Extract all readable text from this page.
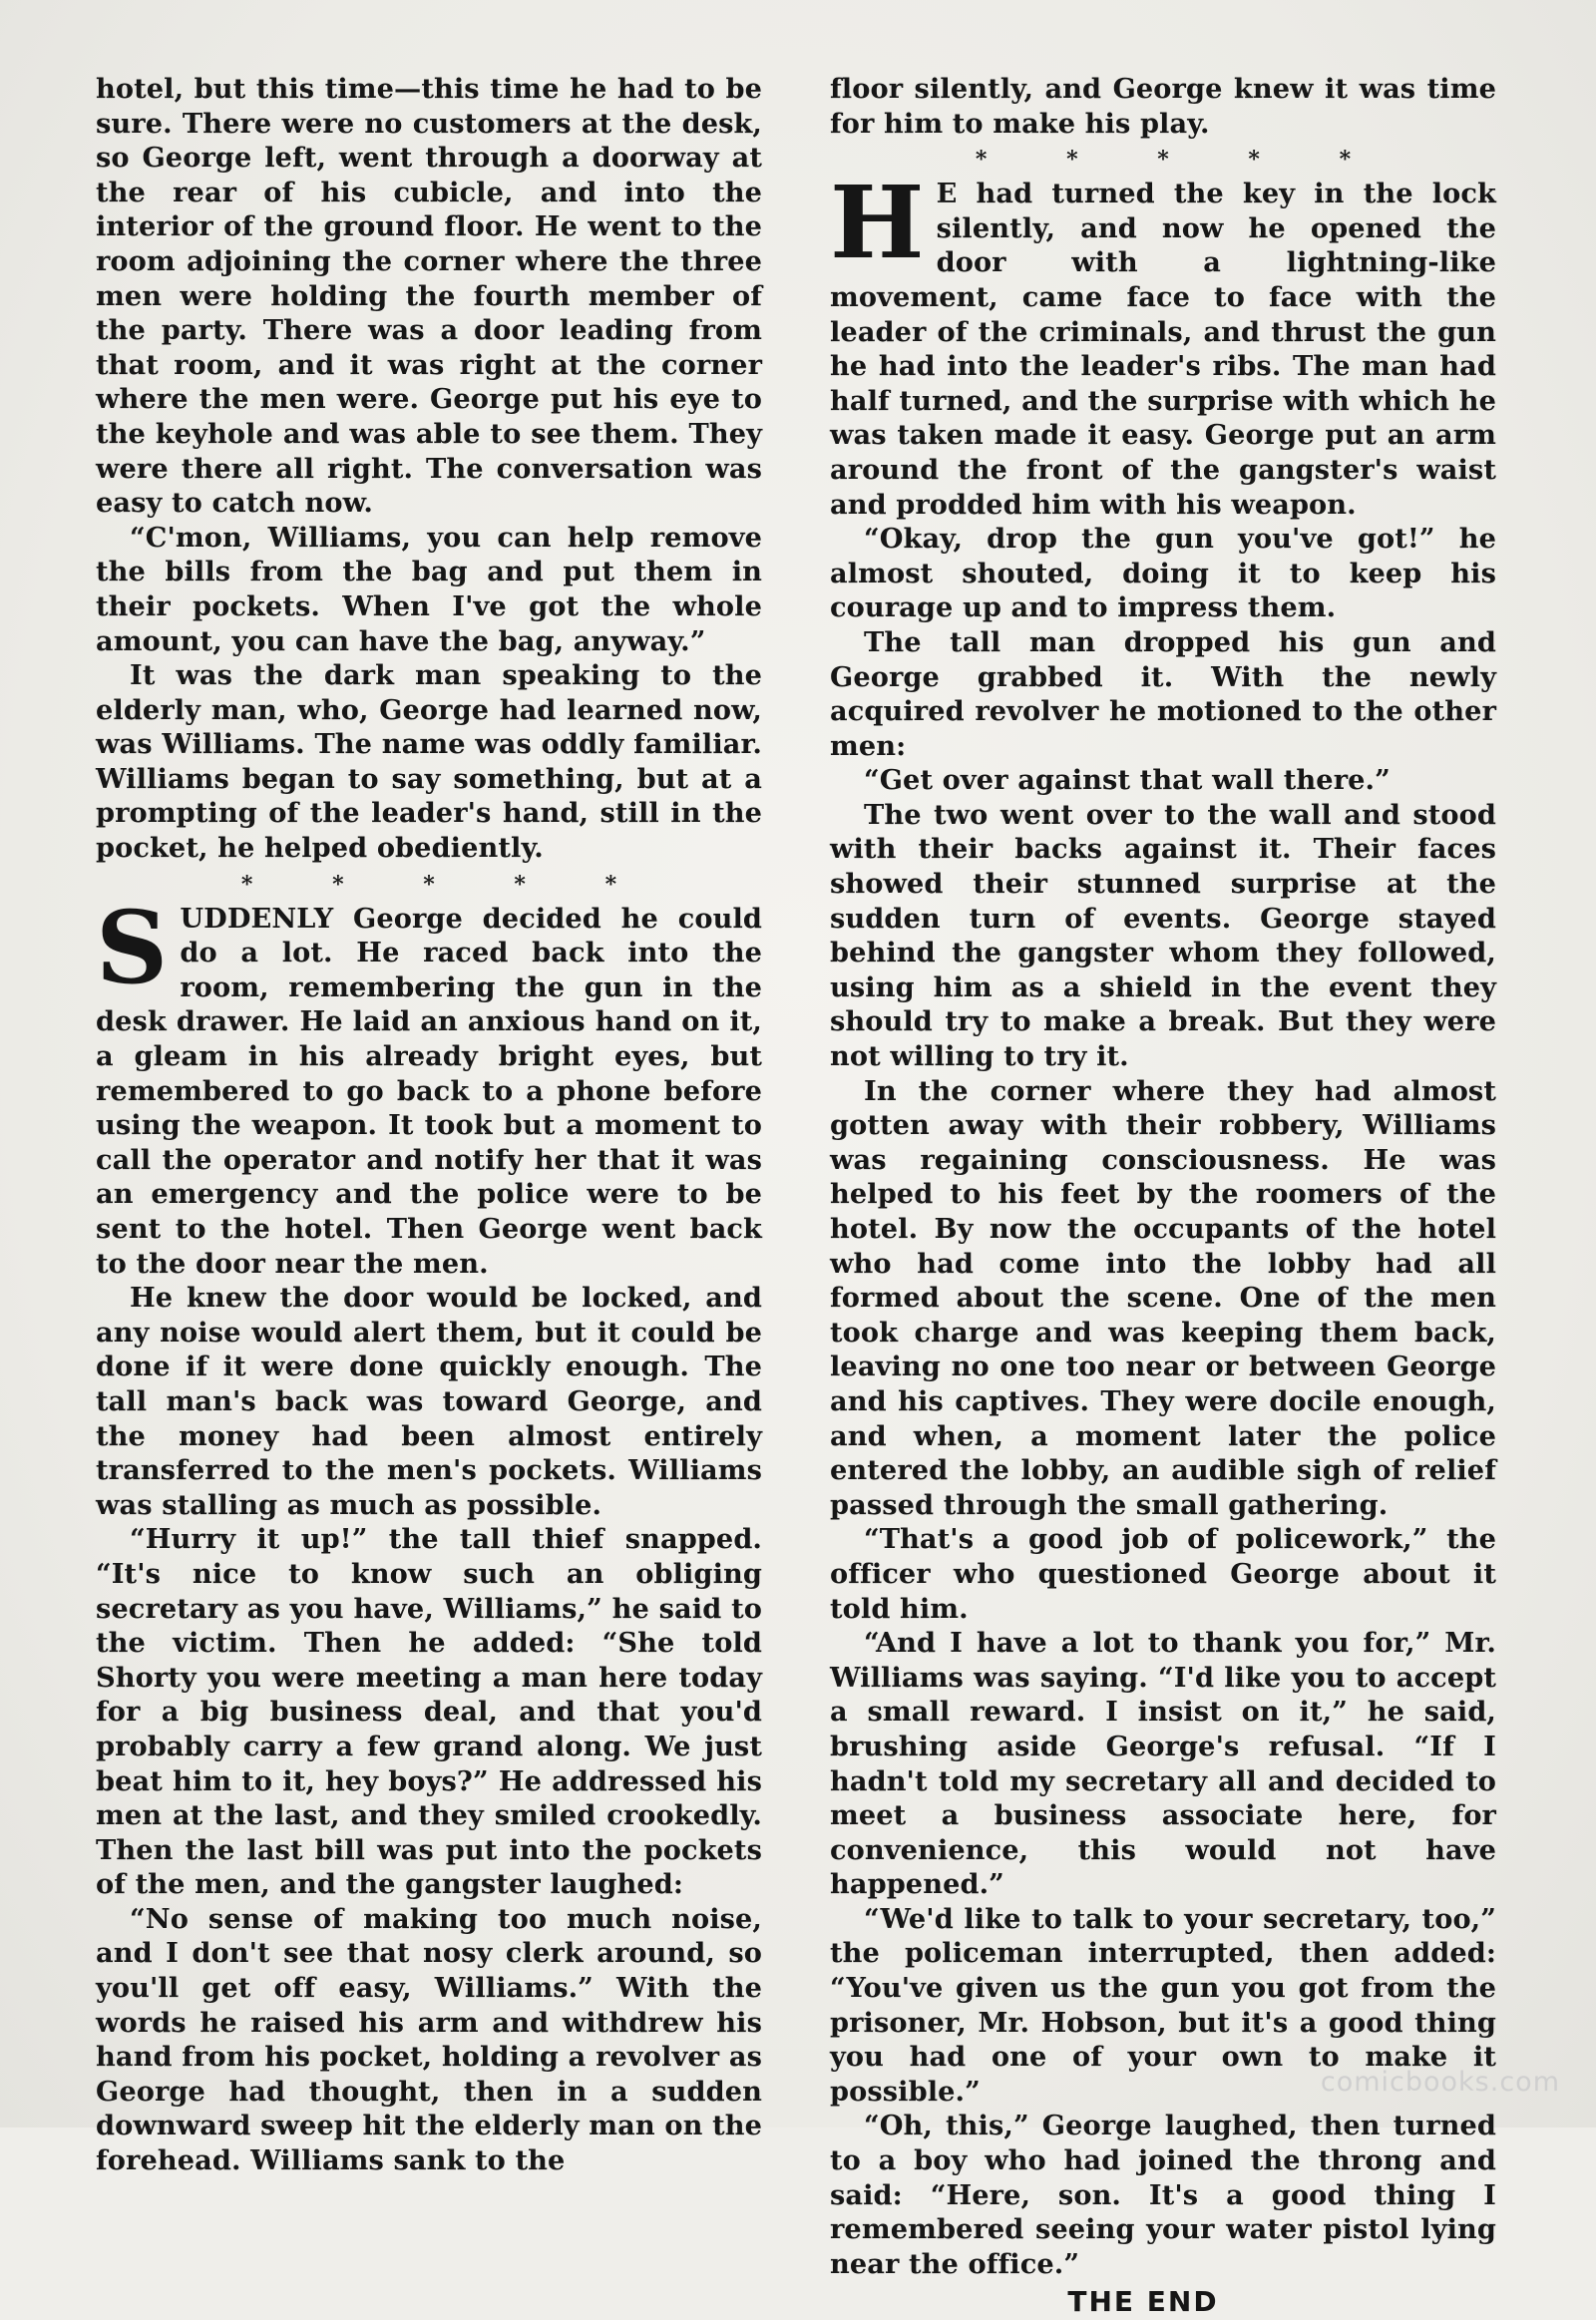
hotel, but this time—this time he had to be sure. There were no customers at the desk, so George left, went through a doorway at the rear of his cubicle, and into the interior of the ground floor. He went to the room adjoining the corner where the three men were holding the fourth member of the party. There was a door leading from that room, and it was right at the corner where the men were. George put his eye to the keyhole and was able to see them. They were there all right. The conversation was easy to catch now.

“C'mon, Williams, you can help remove the bills from the bag and put them in their pockets. When I've got the whole amount, you can have the bag, anyway.”

It was the dark man speaking to the elderly man, who, George had learned now, was Williams. The name was oddly familiar. Williams began to say something, but at a prompting of the leader's hand, still in the pocket, he helped obediently.

* * * * *

SUDDENLY George decided he could do a lot. He raced back into the room, remembering the gun in the desk drawer. He laid an anxious hand on it, a gleam in his already bright eyes, but remembered to go back to a phone before using the weapon. It took but a moment to call the operator and notify her that it was an emergency and the police were to be sent to the hotel. Then George went back to the door near the men.

He knew the door would be locked, and any noise would alert them, but it could be done if it were done quickly enough. The tall man's back was toward George, and the money had been almost entirely transferred to the men's pockets. Williams was stalling as much as possible.

“Hurry it up!” the tall thief snapped. “It's nice to know such an obliging secretary as you have, Williams,” he said to the victim. Then he added: “She told Shorty you were meeting a man here today for a big business deal, and that you'd probably carry a few grand along. We just beat him to it, hey boys?” He addressed his men at the last, and they smiled crookedly. Then the last bill was put into the pockets of the men, and the gangster laughed:

“No sense of making too much noise, and I don't see that nosy clerk around, so you'll get off easy, Williams.” With the words he raised his arm and withdrew his hand from his pocket, holding a revolver as George had thought, then in a sudden downward sweep hit the elderly man on the forehead. Williams sank to the

floor silently, and George knew it was time for him to make his play.

* * * * *

H E had turned the key in the lock silently, and now he opened the door with a lightning-like movement, came face to face with the leader of the criminals, and thrust the gun he had into the leader's ribs. The man had half turned, and the surprise with which he was taken made it easy. George put an arm around the front of the gangster's waist and prodded him with his weapon.

“Okay, drop the gun you've got!” he almost shouted, doing it to keep his courage up and to impress them.

The tall man dropped his gun and George grabbed it. With the newly acquired revolver he motioned to the other men:

“Get over against that wall there.”

The two went over to the wall and stood with their backs against it. Their faces showed their stunned surprise at the sudden turn of events. George stayed behind the gangster whom they followed, using him as a shield in the event they should try to make a break. But they were not willing to try it.

In the corner where they had almost gotten away with their robbery, Williams was regaining consciousness. He was helped to his feet by the roomers of the hotel. By now the occupants of the hotel who had come into the lobby had all formed about the scene. One of the men took charge and was keeping them back, leaving no one too near or between George and his captives. They were docile enough, and when, a moment later the police entered the lobby, an audible sigh of relief passed through the small gathering.

“That's a good job of policework,” the officer who questioned George about it told him.

“And I have a lot to thank you for,” Mr. Williams was saying. “I'd like you to accept a small reward. I insist on it,” he said, brushing aside George's refusal. “If I hadn't told my secretary all and decided to meet a business associate here, for convenience, this would not have happened.”

“We'd like to talk to your secretary, too,” the policeman interrupted, then added: “You've given us the gun you got from the prisoner, Mr. Hobson, but it's a good thing you had one of your own to make it possible.”

“Oh, this,” George laughed, then turned to a boy who had joined the throng and said: “Here, son. It's a good thing I remembered seeing your water pistol lying near the office.”

THE END
comicbooks.com
